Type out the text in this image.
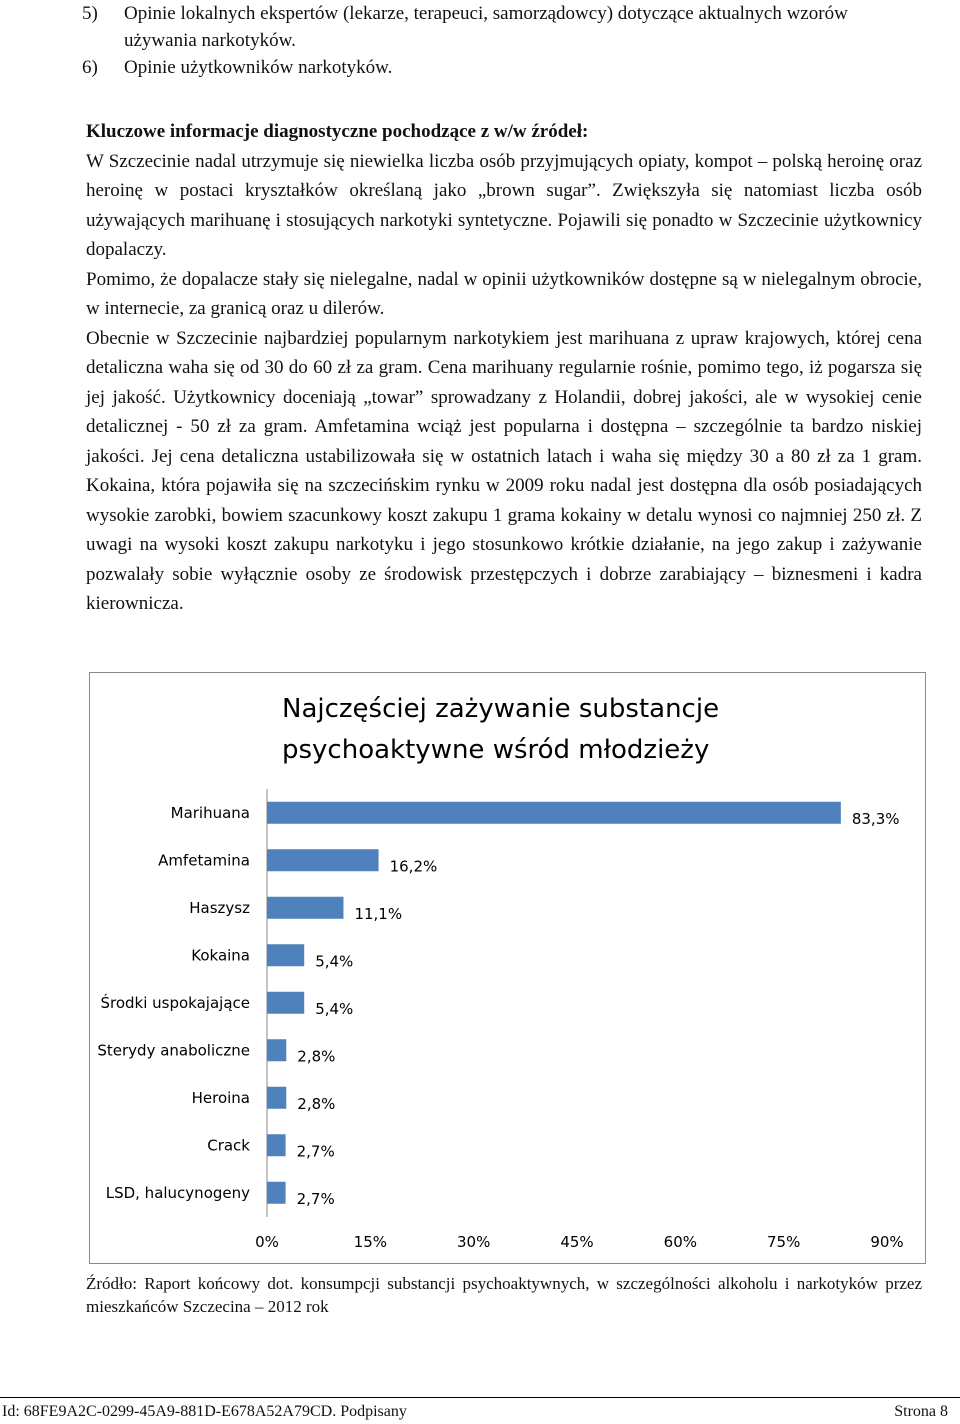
5) Opinie lokalnych ekspertów (lekarze, terapeuci, samorządowcy) dotyczące aktualnych wzorów używania narkotyków.
6) Opinie użytkowników narkotyków.

Kluczowe informacje diagnostyczne pochodzące z w/w źródeł:

W Szczecinie nadal utrzymuje się niewielka liczba osób przyjmujących opiaty, kompot – polską heroinę oraz heroinę w postaci kryształków określaną jako „brown sugar”. Zwiększyła się natomiast liczba osób używających marihuanę i stosujących narkotyki syntetyczne. Pojawili się ponadto w Szczecinie użytkownicy dopalaczy.

Pomimo, że dopalacze stały się nielegalne, nadal w opinii użytkowników dostępne są w nielegalnym obrocie, w internecie, za granicą oraz u dilerów.

Obecnie w Szczecinie najbardziej popularnym narkotykiem jest marihuana z upraw krajowych, której cena detaliczna waha się od 30 do 60 zł za gram. Cena marihuany regularnie rośnie, pomimo tego, iż pogarsza się jej jakość. Użytkownicy doceniają „towar” sprowadzany z Holandii, dobrej jakości, ale w wysokiej cenie detalicznej - 50 zł za gram. Amfetamina wciąż jest popularna i dostępna – szczególnie ta bardzo niskiej jakości. Jej cena detaliczna ustabilizowała się w ostatnich latach i waha się między 30 a 80 zł za 1 gram. Kokaina, która pojawiła się na szczecińskim rynku w 2009 roku nadal jest dostępna dla osób posiadających wysokie zarobki, bowiem szacunkowy koszt zakupu 1 grama kokainy w detalu wynosi co najmniej 250 zł. Z uwagi na wysoki koszt zakupu narkotyku i jego stosunkowo krótkie działanie, na jego zakup i zażywanie pozwalały sobie wyłącznie osoby ze środowisk przestępczych i dobrze zarabiający – biznesmeni i kadra kierownicza.

Najczęściej zażywanie substancje
psychoaktywne wśród młodzieży
Marihuana	83,3%
Amfetamina	16,2%
Haszysz	11,1%
Kokaina	5,4%
Środki uspokajające	5,4%
Sterydy anaboliczne	2,8%
Heroina	2,8%
Crack	2,7%
LSD, halucynogeny	2,7%
0%	15%	30%	45%	60%	75%	90%
Źródło: Raport końcowy dot. konsumpcji substancji psychoaktywnych, w szczególności alkoholu i narkotyków przez mieszkańców Szczecina – 2012 rok
Id: 68FE9A2C-0299-45A9-881D-E678A52A79CD. Podpisany	Strona 8
